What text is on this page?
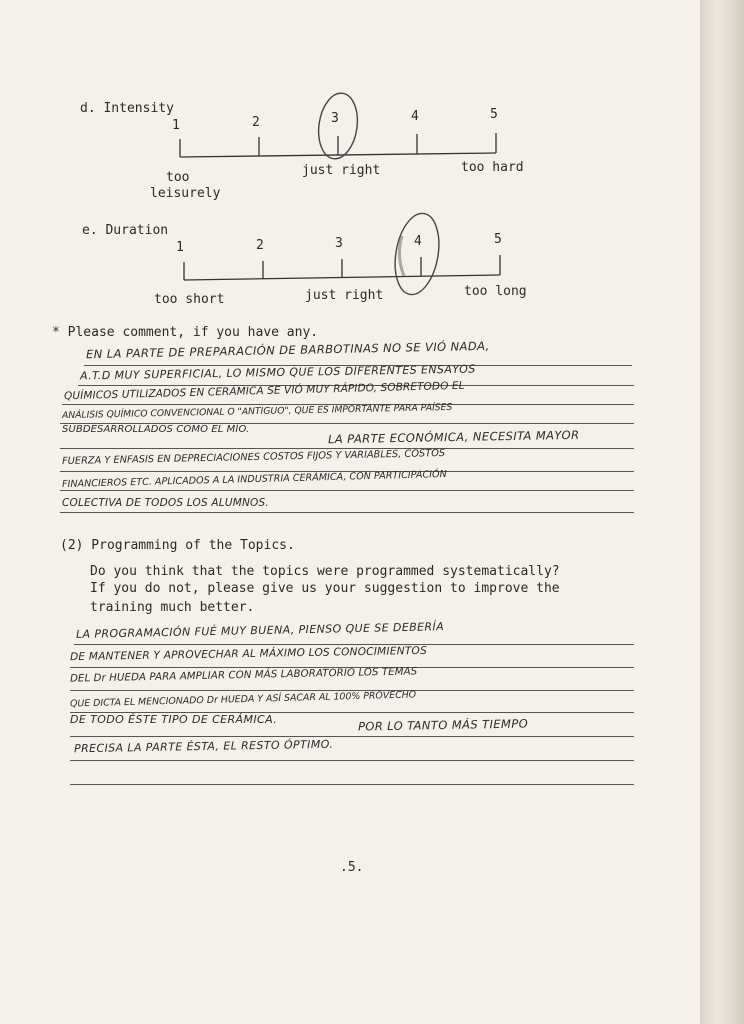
d. Intensity
1	2	3	4	5
too
leisurely
just right	too hard
e. Duration
1	2	3	4	5
too short	just right	too long
* Please comment, if you have any.
EN LA PARTE DE PREPARACIÓN DE BARBOTINAS NO SE VIÓ NADA,
A.T.D MUY SUPERFICIAL, LO MISMO QUE LOS DIFERENTES ENSAYOS
QUÍMICOS UTILIZADOS EN CERÁMICA SE VIÓ MUY RÁPIDO, SOBRETODO EL
ANÁLISIS QUÍMICO CONVENCIONAL O "ANTIGUO", QUE ES IMPORTANTE PARA PAÍSES
SUBDESARROLLADOS COMO EL MÍO.	LA PARTE ECONÓMICA, NECESITA MAYOR
FUERZA Y ENFASIS EN DEPRECIACIONES COSTOS FIJOS Y VARIABLES, COSTOS
FINANCIEROS ETC. APLICADOS A LA INDUSTRIA CERÁMICA, CON PARTICIPACIÓN
COLECTIVA DE TODOS LOS ALUMNOS.
(2) Programming of the Topics.
Do you think that the topics were programmed systematically?
If you do not, please give us your suggestion to improve the
training much better.
LA PROGRAMACIÓN FUÉ MUY BUENA, PIENSO QUE SE DEBERÍA
DE MANTENER Y APROVECHAR AL MÁXIMO LOS CONOCIMIENTOS
DEL Dr HUEDA PARA AMPLIAR CON MÁS LABORATORIO LOS TEMAS
QUE DICTA EL MENCIONADO Dr HUEDA Y ASÍ SACAR AL 100% PROVECHO
DE TODO ÉSTE TIPO DE CERÁMICA.	POR LO TANTO MÁS TIEMPO
PRECISA LA PARTE ÉSTA, EL RESTO ÓPTIMO.
.5.
